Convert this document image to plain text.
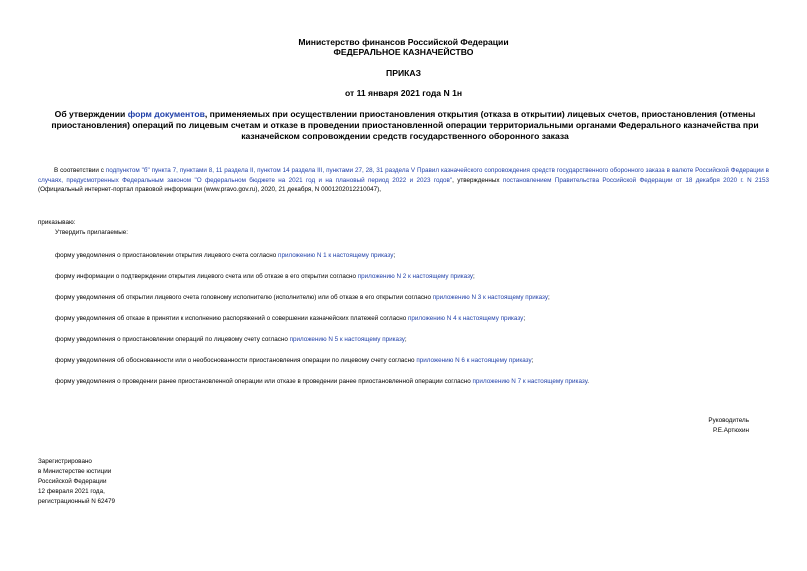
Министерство финансов Российской Федерации
ФЕДЕРАЛЬНОЕ КАЗНАЧЕЙСТВО
ПРИКАЗ
от 11 января 2021 года N 1н
Об утверждении форм документов, применяемых при осуществлении приостановления открытия (отказа в открытии) лицевых счетов, приостановления (отмены приостановления) операций по лицевым счетам и отказе в проведении приостановленной операции территориальными органами Федерального казначейства при казначейском сопровождении средств государственного оборонного заказа
В соответствии с подпунктом "б" пункта 7, пунктами 8, 11 раздела II, пунктом 14 раздела III, пунктами 27, 28, 31 раздела V Правил казначейского сопровождения средств государственного оборонного заказа в валюте Российской Федерации в случаях, предусмотренных Федеральным законом "О федеральном бюджете на 2021 год и на плановый период 2022 и 2023 годов", утвержденных постановлением Правительства Российской Федерации от 18 декабря 2020 г. N 2153 (Официальный интернет-портал правовой информации (www.pravo.gov.ru), 2020, 21 декабря, N 0001202012210047),
приказываю:
Утвердить прилагаемые:
форму уведомления о приостановлении открытия лицевого счета согласно приложению N 1 к настоящему приказу;
форму информации о подтверждении открытия лицевого счета или об отказе в его открытии согласно приложению N 2 к настоящему приказу;
форму уведомления об открытии лицевого счета головному исполнителю (исполнителю) или об отказе в его открытии согласно приложению N 3 к настоящему приказу;
форму уведомления об отказе в принятии к исполнению распоряжений о совершении казначейских платежей согласно приложению N 4 к настоящему приказу;
форму уведомления о приостановлении операций по лицевому счету согласно приложению N 5 к настоящему приказу;
форму уведомления об обоснованности или о необоснованности приостановления операции по лицевому счету согласно приложению N 6 к настоящему приказу;
форму уведомления о проведении ранее приостановленной операции или отказе в проведении ранее приостановленной операции согласно приложению N 7 к настоящему приказу.
Руководитель
Р.Е.Артюхин
Зарегистрировано
в Министерстве юстиции
Российской Федерации
12 февраля 2021 года,
регистрационный N 62479
